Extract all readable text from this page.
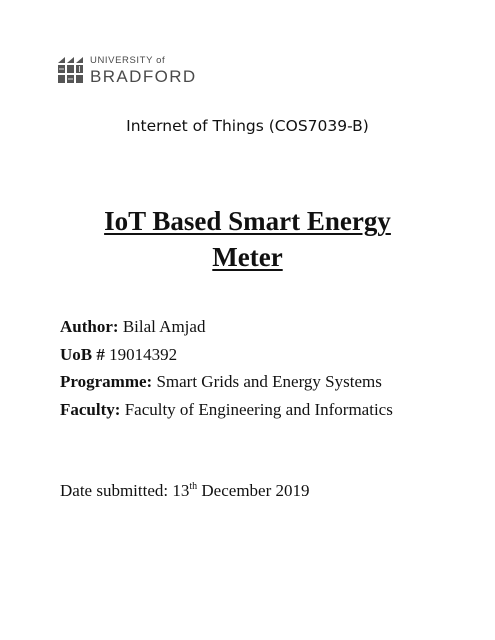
UNIVERSITY of
BRADFORD
Internet of Things (COS7039-B)
IoT Based Smart Energy
Meter
Author: Bilal Amjad
UoB # 19014392
Programme: Smart Grids and Energy Systems
Faculty: Faculty of Engineering and Informatics
Date submitted: 13th December 2019
